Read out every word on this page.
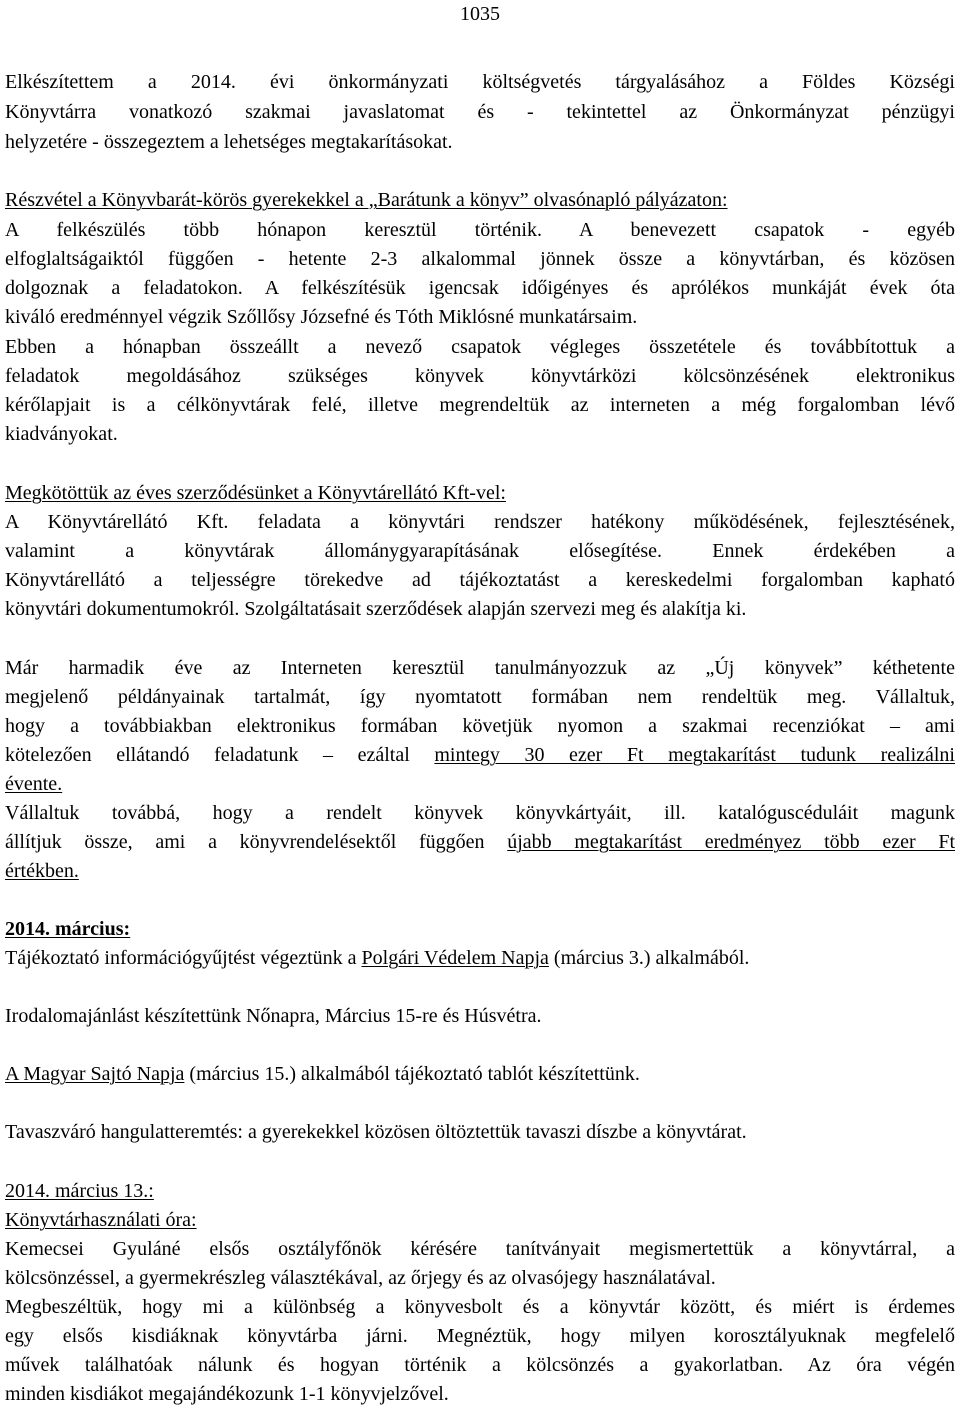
1035
Elkészítettem a 2014. évi önkormányzati költségvetés tárgyalásához a Földes Községi
Könyvtárra vonatkozó szakmai javaslatomat és - tekintettel az Önkormányzat pénzügyi
helyzetére - összegeztem a lehetséges megtakarításokat.
Részvétel a Könyvbarát-körös gyerekekkel a „Barátunk a könyv” olvasónapló pályázaton:
A felkészülés több hónapon keresztül történik. A benevezett csapatok - egyéb
elfoglaltságaiktól függően - hetente 2-3 alkalommal jönnek össze a könyvtárban, és közösen
dolgoznak a feladatokon. A felkészítésük igencsak időigényes és aprólékos munkáját évek óta
kiváló eredménnyel végzik Szőllősy Józsefné és Tóth Miklósné munkatársaim.
Ebben a hónapban összeállt a nevező csapatok végleges összetétele és továbbítottuk a
feladatok megoldásához szükséges könyvek könyvtárközi kölcsönzésének elektronikus
kérőlapjait is a célkönyvtárak felé, illetve megrendeltük az interneten a még forgalomban lévő
kiadványokat.
Megkötöttük az éves szerződésünket a Könyvtárellátó Kft-vel:
A Könyvtárellátó Kft. feladata a könyvtári rendszer hatékony működésének, fejlesztésének,
valamint a könyvtárak állománygyarapításának elősegítése. Ennek érdekében a
Könyvtárellátó a teljességre törekedve ad tájékoztatást a kereskedelmi forgalomban kapható
könyvtári dokumentumokról. Szolgáltatásait szerződések alapján szervezi meg és alakítja ki.
Már harmadik éve az Interneten keresztül tanulmányozzuk az „Új könyvek” kéthetente
megjelenő példányainak tartalmát, így nyomtatott formában nem rendeltük meg. Vállaltuk,
hogy a továbbiakban elektronikus formában követjük nyomon a szakmai recenziókat – ami
kötelezően ellátandó feladatunk – ezáltal mintegy 30 ezer Ft megtakarítást tudunk realizálni
évente.
Vállaltuk továbbá, hogy a rendelt könyvek könyvkártyáit, ill. katalóguscéduláit magunk
állítjuk össze, ami a könyvrendelésektől függően újabb megtakarítást eredményez több ezer Ft
értékben.
2014. március:
Tájékoztató információgyűjtést végeztünk a Polgári Védelem Napja (március 3.) alkalmából.
Irodalomajánlást készítettünk Nőnapra, Március 15-re és Húsvétra.
A Magyar Sajtó Napja (március 15.) alkalmából tájékoztató tablót készítettünk.
Tavaszváró hangulatteremtés: a gyerekekkel közösen öltöztettük tavaszi díszbe a könyvtárat.
2014. március 13.:
Könyvtárhasználati óra:
Kemecsei Gyuláné elsős osztályfőnök kérésére tanítványait megismertettük a könyvtárral, a
kölcsönzéssel, a gyermekrészleg választékával, az őrjegy és az olvasójegy használatával.
Megbeszéltük, hogy mi a különbség a könyvesbolt és a könyvtár között, és miért is érdemes
egy elsős kisdiáknak könyvtárba járni. Megnéztük, hogy milyen korosztályuknak megfelelő
művek találhatóak nálunk és hogyan történik a kölcsönzés a gyakorlatban. Az óra végén
minden kisdiákot megajándékozunk 1-1 könyvjelzővel.
